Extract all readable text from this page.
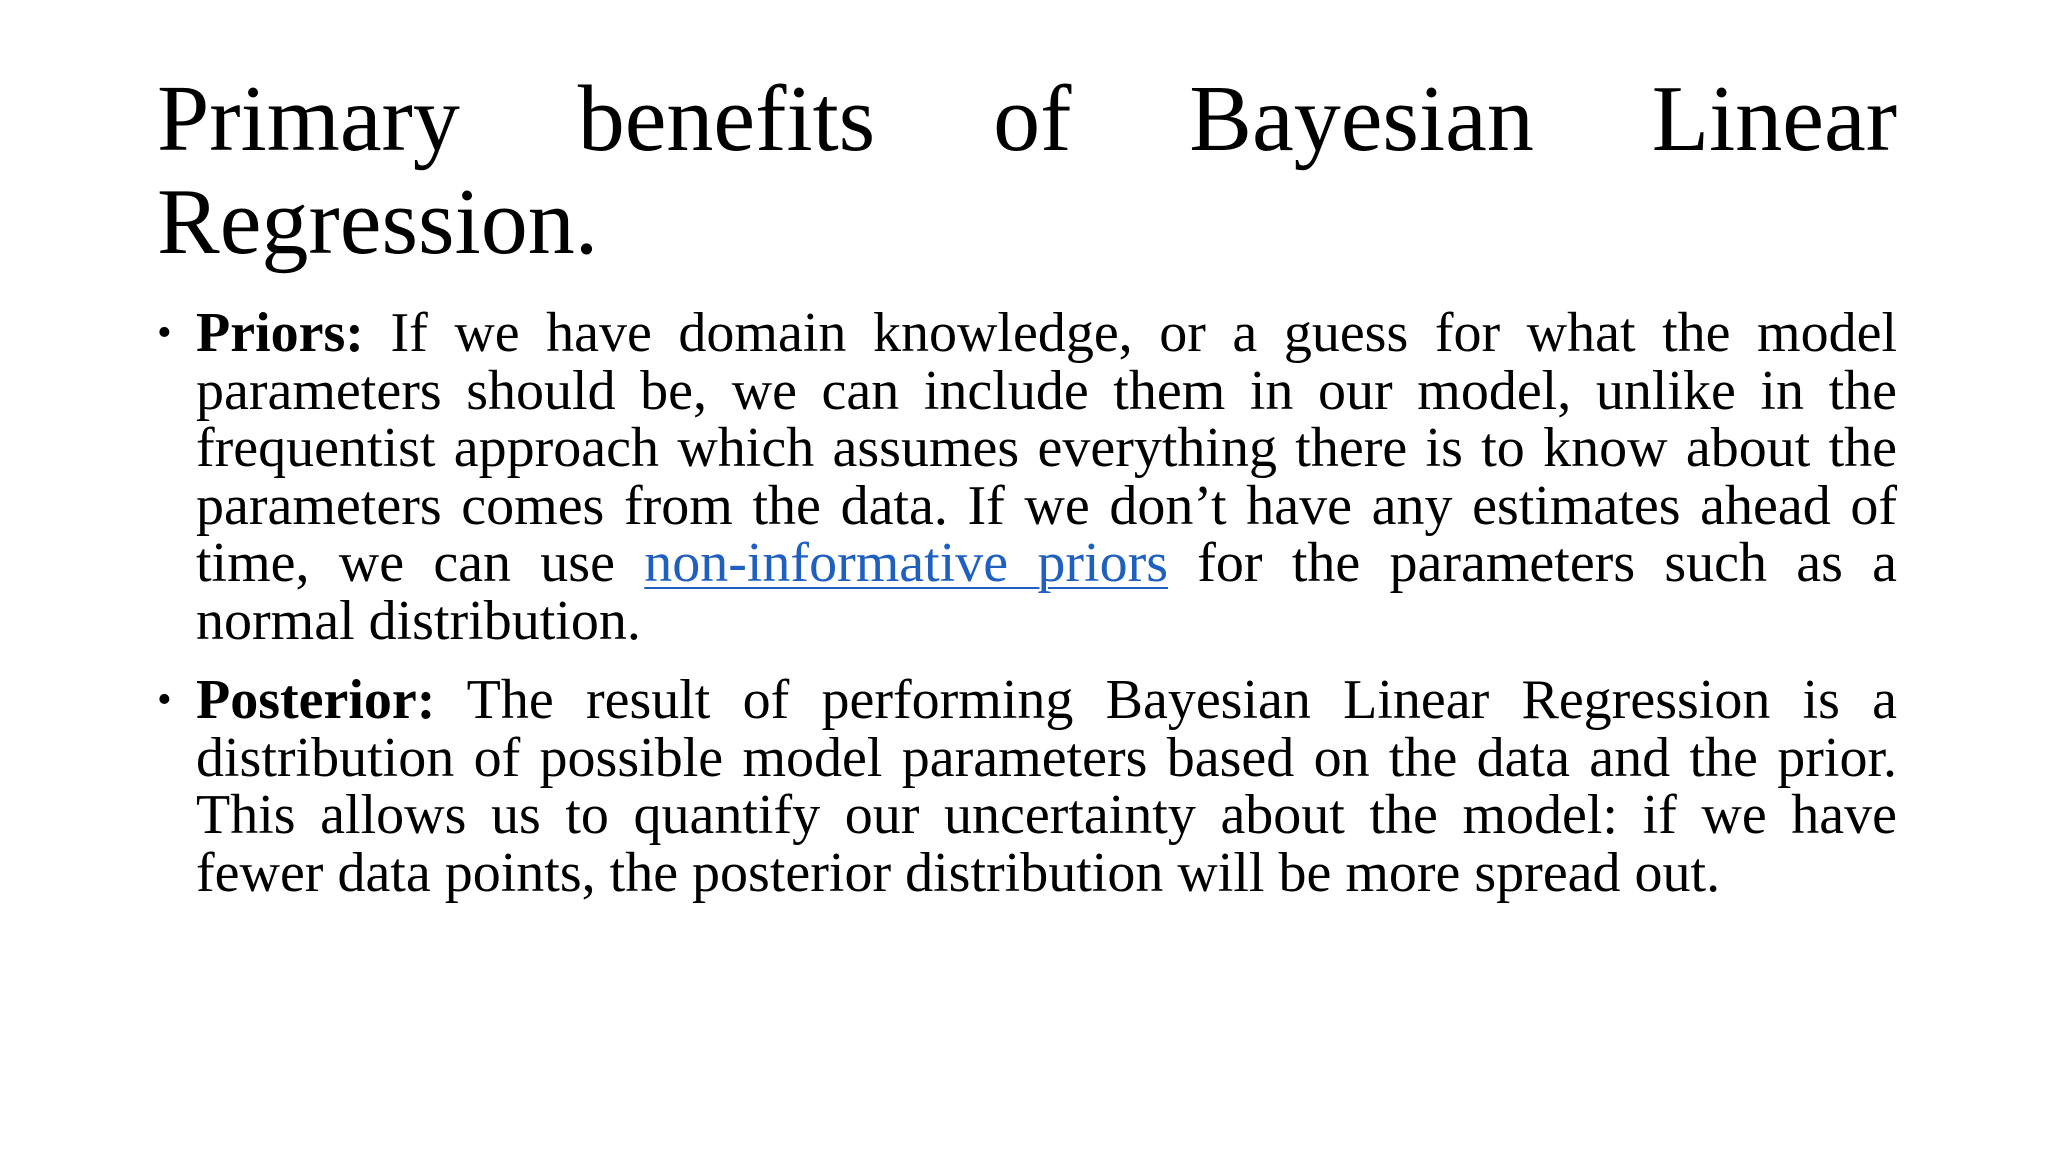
Primary benefits of Bayesian Linear Regression.
• Priors: If we have domain knowledge, or a guess for what the model parameters should be, we can include them in our model, unlike in the frequentist approach which assumes everything there is to know about the parameters comes from the data. If we don’t have any estimates ahead of time, we can use non-informative priors for the parameters such as a normal distribution.
• Posterior: The result of performing Bayesian Linear Regression is a distribution of possible model parameters based on the data and the prior. This allows us to quantify our uncertainty about the model: if we have fewer data points, the posterior distribution will be more spread out.
